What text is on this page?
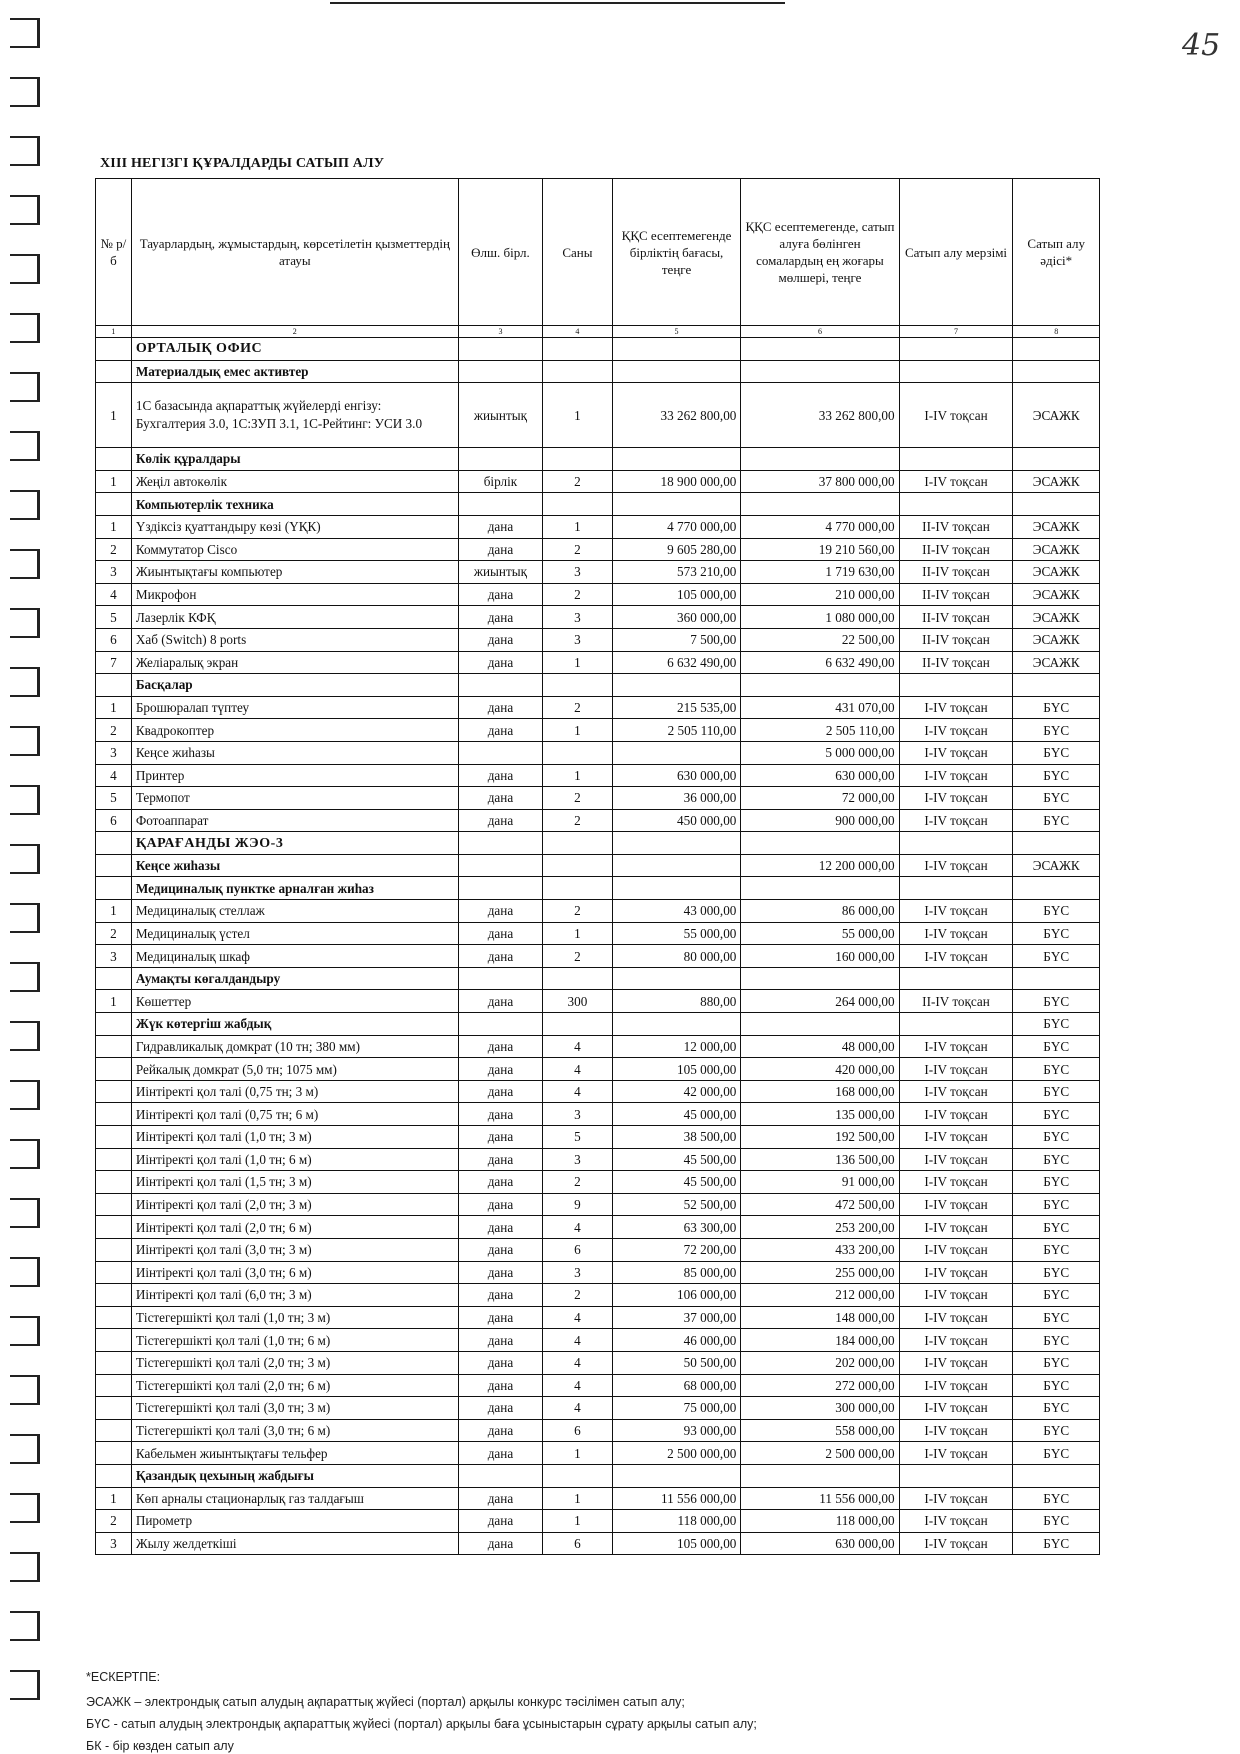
45
XIII НЕГІЗГІ ҚҰРАЛДАРДЫ САТЫП АЛУ
№ р/б	Тауарлардың, жұмыстардың, көрсетілетін қызметтердің атауы	Өлш. бірл.	Саны	ҚҚС есептемегенде бірліктің бағасы, теңге	ҚҚС есептемегенде, сатып алуға бөлінген сомалардың ең жоғары мөлшері, теңге	Сатып алу мерзімі	Сатып алу әдісі*
1	2	3	4	5	6	7	8
	ОРТАЛЫҚ ОФИС						
	Материалдық емес активтер						
1	1С базасында ақпараттық жүйелерді енгізу: Бухгалтерия 3.0, 1С:ЗУП 3.1, 1С-Рейтинг: УСИ 3.0	жиынтық	1	33 262 800,00	33 262 800,00	I-IV тоқсан	ЭСАЖК
	Көлік құралдары						
1	Жеңіл автокөлік	бірлік	2	18 900 000,00	37 800 000,00	I-IV тоқсан	ЭСАЖК
	Компьютерлік техника						
1	Үздіксіз қуаттандыру көзі (ҮҚК)	дана	1	4 770 000,00	4 770 000,00	II-IV тоқсан	ЭСАЖК
2	Коммутатор Cisco	дана	2	9 605 280,00	19 210 560,00	II-IV тоқсан	ЭСАЖК
3	Жиынтықтағы компьютер	жиынтық	3	573 210,00	1 719 630,00	II-IV тоқсан	ЭСАЖК
4	Микрофон	дана	2	105 000,00	210 000,00	II-IV тоқсан	ЭСАЖК
5	Лазерлік КФҚ	дана	3	360 000,00	1 080 000,00	II-IV тоқсан	ЭСАЖК
6	Хаб (Switch) 8 ports	дана	3	7 500,00	22 500,00	II-IV тоқсан	ЭСАЖК
7	Желіаралық экран	дана	1	6 632 490,00	6 632 490,00	II-IV тоқсан	ЭСАЖК
	Басқалар						
1	Брошюралап түптеу	дана	2	215 535,00	431 070,00	I-IV тоқсан	БҮС
2	Квадрокоптер	дана	1	2 505 110,00	2 505 110,00	I-IV тоқсан	БҮС
3	Кеңсе жиһазы				5 000 000,00	I-IV тоқсан	БҮС
4	Принтер	дана	1	630 000,00	630 000,00	I-IV тоқсан	БҮС
5	Термопот	дана	2	36 000,00	72 000,00	I-IV тоқсан	БҮС
6	Фотоаппарат	дана	2	450 000,00	900 000,00	I-IV тоқсан	БҮС
	ҚАРАҒАНДЫ ЖЭО-3						
	Кеңсе жиһазы				12 200 000,00	I-IV тоқсан	ЭСАЖК
	Медициналық пунктке арналған жиһаз						
1	Медициналық стеллаж	дана	2	43 000,00	86 000,00	I-IV тоқсан	БҮС
2	Медициналық үстел	дана	1	55 000,00	55 000,00	I-IV тоқсан	БҮС
3	Медициналық шкаф	дана	2	80 000,00	160 000,00	I-IV тоқсан	БҮС
	Аумақты көгалдандыру						
1	Көшеттер	дана	300	880,00	264 000,00	II-IV тоқсан	БҮС
	Жүк көтергіш жабдық						БҮС
	Гидравликалық домкрат (10 тн; 380 мм)	дана	4	12 000,00	48 000,00	I-IV тоқсан	БҮС
	Рейкалық домкрат (5,0 тн; 1075 мм)	дана	4	105 000,00	420 000,00	I-IV тоқсан	БҮС
	Иінтіректі қол талі (0,75 тн; 3 м)	дана	4	42 000,00	168 000,00	I-IV тоқсан	БҮС
	Иінтіректі қол талі (0,75 тн; 6 м)	дана	3	45 000,00	135 000,00	I-IV тоқсан	БҮС
	Иінтіректі қол талі (1,0 тн; 3 м)	дана	5	38 500,00	192 500,00	I-IV тоқсан	БҮС
	Иінтіректі қол талі (1,0 тн; 6 м)	дана	3	45 500,00	136 500,00	I-IV тоқсан	БҮС
	Иінтіректі қол талі (1,5 тн; 3 м)	дана	2	45 500,00	91 000,00	I-IV тоқсан	БҮС
	Иінтіректі қол талі (2,0 тн; 3 м)	дана	9	52 500,00	472 500,00	I-IV тоқсан	БҮС
	Иінтіректі қол талі (2,0 тн; 6 м)	дана	4	63 300,00	253 200,00	I-IV тоқсан	БҮС
	Иінтіректі қол талі (3,0 тн; 3 м)	дана	6	72 200,00	433 200,00	I-IV тоқсан	БҮС
	Иінтіректі қол талі (3,0 тн; 6 м)	дана	3	85 000,00	255 000,00	I-IV тоқсан	БҮС
	Иінтіректі қол талі (6,0 тн; 3 м)	дана	2	106 000,00	212 000,00	I-IV тоқсан	БҮС
	Тістегершікті қол талі (1,0 тн; 3 м)	дана	4	37 000,00	148 000,00	I-IV тоқсан	БҮС
	Тістегершікті қол талі (1,0 тн; 6 м)	дана	4	46 000,00	184 000,00	I-IV тоқсан	БҮС
	Тістегершікті қол талі (2,0 тн; 3 м)	дана	4	50 500,00	202 000,00	I-IV тоқсан	БҮС
	Тістегершікті қол талі (2,0 тн; 6 м)	дана	4	68 000,00	272 000,00	I-IV тоқсан	БҮС
	Тістегершікті қол талі (3,0 тн; 3 м)	дана	4	75 000,00	300 000,00	I-IV тоқсан	БҮС
	Тістегершікті қол талі (3,0 тн; 6 м)	дана	6	93 000,00	558 000,00	I-IV тоқсан	БҮС
	Кабельмен жиынтықтағы тельфер	дана	1	2 500 000,00	2 500 000,00	I-IV тоқсан	БҮС
	Қазандық цехының жабдығы						
1	Көп арналы стационарлық газ талдағыш	дана	1	11 556 000,00	11 556 000,00	I-IV тоқсан	БҮС
2	Пирометр	дана	1	118 000,00	118 000,00	I-IV тоқсан	БҮС
3	Жылу желдеткіші	дана	6	105 000,00	630 000,00	I-IV тоқсан	БҮС
*ЕСКЕРТПЕ:
ЭСАЖК – электрондық сатып алудың ақпараттық жүйесі (портал) арқылы конкурс тәсілімен сатып алу;
БҮС - сатып алудың электрондық ақпараттық жүйесі (портал) арқылы баға ұсыныстарын сұрату арқылы сатып алу;
БК - бір көзден сатып алу
